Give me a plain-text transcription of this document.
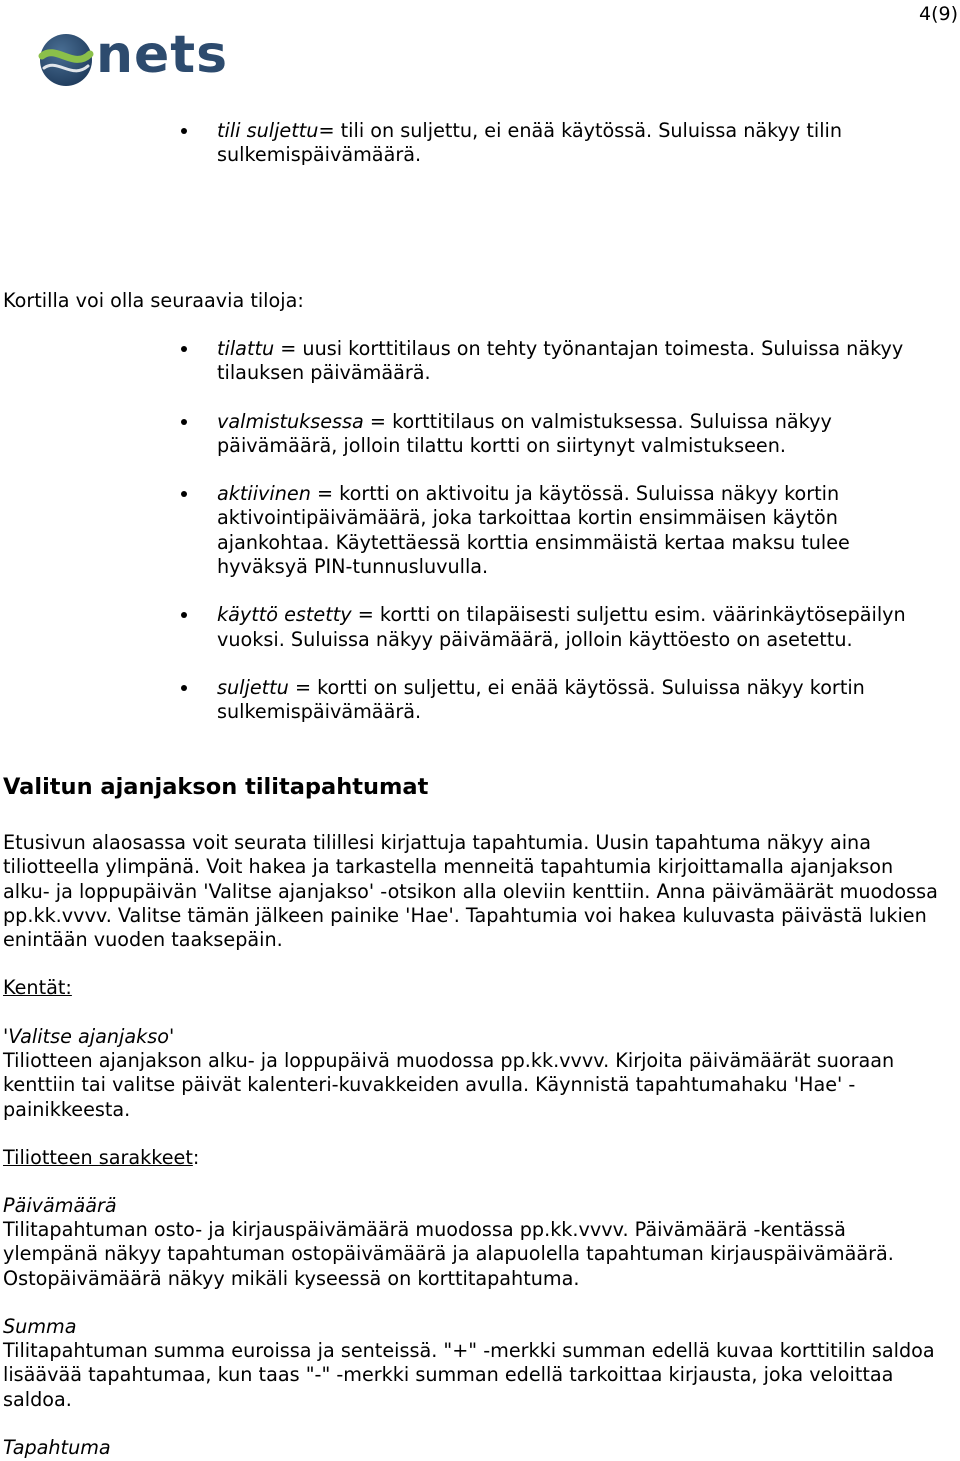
4(9)
nets
tili suljettu= tili on suljettu, ei enää käytössä. Suluissa näkyy tilin sulkemispäivämäärä.
Kortilla voi olla seuraavia tiloja:
tilattu = uusi korttitilaus on tehty työnantajan toimesta. Suluissa näkyy tilauksen päivämäärä.
valmistuksessa = korttitilaus on valmistuksessa. Suluissa näkyy päivämäärä, jolloin tilattu kortti on siirtynyt valmistukseen.
aktiivinen = kortti on aktivoitu ja käytössä. Suluissa näkyy kortin aktivointipäivämäärä, joka tarkoittaa kortin ensimmäisen käytön ajankohtaa. Käytettäessä korttia ensimmäistä kertaa maksu tulee hyväksyä PIN-tunnusluvulla.
käyttö estetty = kortti on tilapäisesti suljettu esim. väärinkäytösepäilyn vuoksi. Suluissa näkyy päivämäärä, jolloin käyttöesto on asetettu.
suljettu = kortti on suljettu, ei enää käytössä. Suluissa näkyy kortin sulkemispäivämäärä.
Valitun ajanjakson tilitapahtumat
Etusivun alaosassa voit seurata tilillesi kirjattuja tapahtumia. Uusin tapahtuma näkyy aina tiliotteella ylimpänä. Voit hakea ja tarkastella menneitä tapahtumia kirjoittamalla ajanjakson alku- ja loppupäivän 'Valitse ajanjakso' -otsikon alla oleviin kenttiin. Anna päivämäärät muodossa pp.kk.vvvv. Valitse tämän jälkeen painike 'Hae'. Tapahtumia voi hakea kuluvasta päivästä lukien enintään vuoden taaksepäin.
Kentät:
'Valitse ajanjakso'
Tiliotteen ajanjakson alku- ja loppupäivä muodossa pp.kk.vvvv. Kirjoita päivämäärät suoraan kenttiin tai valitse päivät kalenteri-kuvakkeiden avulla. Käynnistä tapahtumahaku 'Hae' -painikkeesta.
Tiliotteen sarakkeet:
Päivämäärä
Tilitapahtuman osto- ja kirjauspäivämäärä muodossa pp.kk.vvvv. Päivämäärä -kentässä ylempänä näkyy tapahtuman ostopäivämäärä ja alapuolella tapahtuman kirjauspäivämäärä. Ostopäivämäärä näkyy mikäli kyseessä on korttitapahtuma.
Summa
Tilitapahtuman summa euroissa ja senteissä. "+" -merkki summan edellä kuvaa korttitilin saldoa lisäävää tapahtumaa, kun taas "-" -merkki summan edellä tarkoittaa kirjausta, joka veloittaa saldoa.
Tapahtuma
